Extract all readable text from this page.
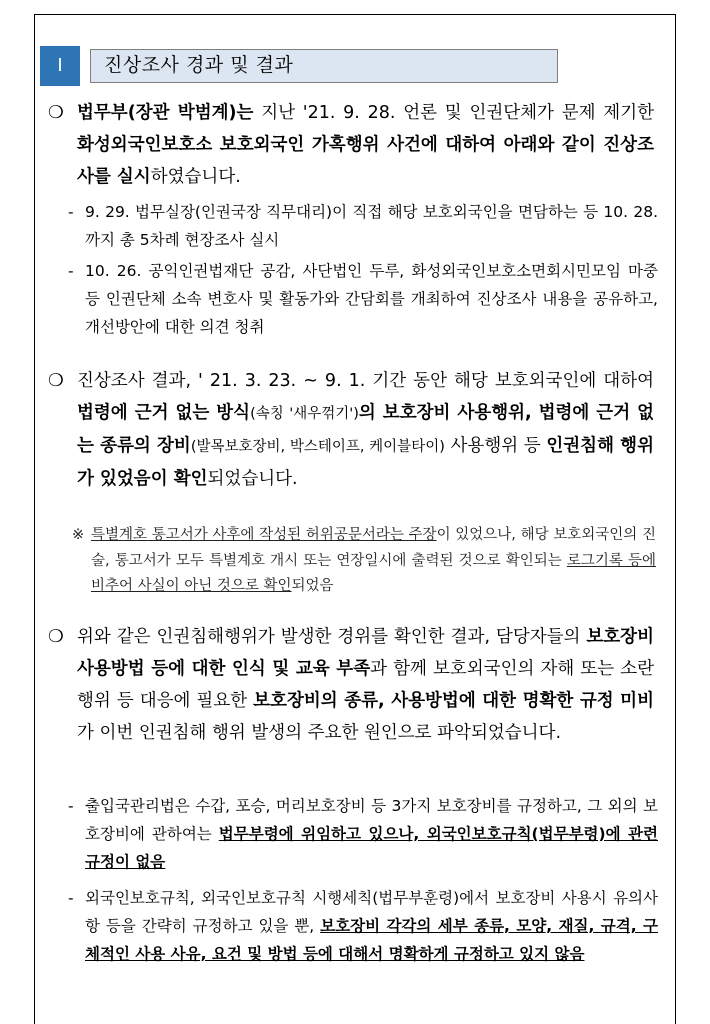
I	진상조사 경과 및 결과
❍ 법무부(장관 박범계)는 지난 '21. 9. 28. 언론 및 인권단체가 문제 제기한 화성외국인보호소 보호외국인 가혹행위 사건에 대하여 아래와 같이 진상조사를 실시하였습니다.
- 9. 29. 법무실장(인권국장 직무대리)이 직접 해당 보호외국인을 면담하는 등 10. 28.까지 총 5차례 현장조사 실시
- 10. 26. 공익인권법재단 공감, 사단법인 두루, 화성외국인보호소면회시민모임 마중 등 인권단체 소속 변호사 및 활동가와 간담회를 개최하여 진상조사 내용을 공유하고, 개선방안에 대한 의견 청취
❍ 진상조사 결과, ' 21. 3. 23. ~ 9. 1. 기간 동안 해당 보호외국인에 대하여 법령에 근거 없는 방식(속칭 '새우꺾기')의 보호장비 사용행위, 법령에 근거 없는 종류의 장비(발목보호장비, 박스테이프, 케이블타이) 사용행위 등 인권침해 행위가 있었음이 확인되었습니다.
※ 특별계호 통고서가 사후에 작성된 허위공문서라는 주장이 있었으나, 해당 보호외국인의 진술, 통고서가 모두 특별계호 개시 또는 연장일시에 출력된 것으로 확인되는 로그기록 등에 비추어 사실이 아닌 것으로 확인되었음
❍ 위와 같은 인권침해행위가 발생한 경위를 확인한 결과, 담당자들의 보호장비 사용방법 등에 대한 인식 및 교육 부족과 함께 보호외국인의 자해 또는 소란행위 등 대응에 필요한 보호장비의 종류, 사용방법에 대한 명확한 규정 미비가 이번 인권침해 행위 발생의 주요한 원인으로 파악되었습니다.
- 출입국관리법은 수갑, 포승, 머리보호장비 등 3가지 보호장비를 규정하고, 그 외의 보호장비에 관하여는 법무부령에 위임하고 있으나, 외국인보호규칙(법무부령)에 관련 규정이 없음
- 외국인보호규칙, 외국인보호규칙 시행세칙(법무부훈령)에서 보호장비 사용시 유의사항 등을 간략히 규정하고 있을 뿐, 보호장비 각각의 세부 종류, 모양, 재질, 규격, 구체적인 사용 사유, 요건 및 방법 등에 대해서 명확하게 규정하고 있지 않음
